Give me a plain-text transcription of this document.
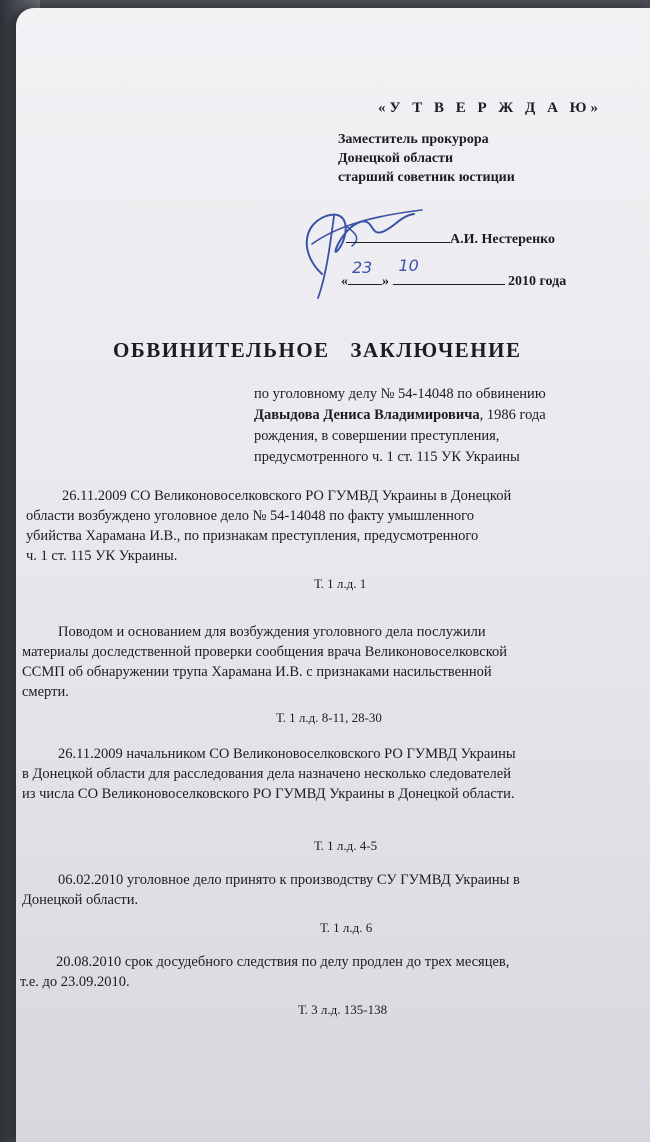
«У Т В Е Р Ж Д А Ю»
Заместитель прокурора
Донецкой области
старший советник юстиции
А.И. Нестеренко
«
23
»
10
2010 года
ОБВИНИТЕЛЬНОЕ ЗАКЛЮЧЕНИЕ
по уголовному делу № 54-14048 по обвинению
Давыдова Дениса Владимировича, 1986 года
рождения, в совершении преступления,
предусмотренного ч. 1 ст. 115 УК Украины
26.11.2009 СО Великоновоселковского РО ГУМВД Украины в Донецкой
области возбуждено уголовное дело № 54-14048 по факту умышленного
убийства Харамана И.В., по признакам преступления, предусмотренного
ч. 1 ст. 115 УК Украины.
Т. 1 л.д. 1
Поводом и основанием для возбуждения уголовного дела послужили
материалы доследственной проверки сообщения врача Великоновоселковской
ССМП об обнаружении трупа Харамана И.В. с признаками насильственной
смерти.
Т. 1 л.д. 8-11, 28-30
26.11.2009 начальником СО Великоновоселковского РО ГУМВД Украины
в Донецкой области для расследования дела назначено несколько следователей
из числа СО Великоновоселковского РО ГУМВД Украины в Донецкой области.
Т. 1 л.д. 4-5
06.02.2010 уголовное дело принято к производству СУ ГУМВД Украины в
Донецкой области.
Т. 1 л.д. 6
20.08.2010 срок досудебного следствия по делу продлен до трех месяцев,
т.е. до 23.09.2010.
Т. 3 л.д. 135-138
